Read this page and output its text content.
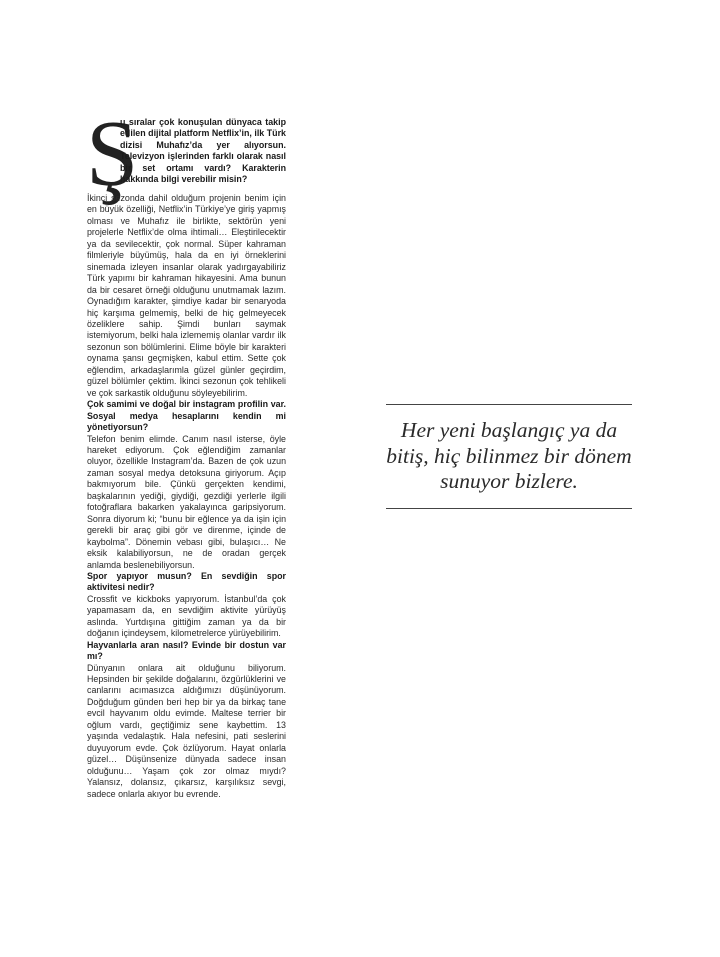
Ş

u sıralar çok konuşulan dünyaca takip edilen dijital platform Netflix’in, ilk Türk dizisi Muhafız’da yer alıyorsun. Televizyon işlerinden farklı olarak nasıl bir set ortamı vardı? Karakterin hakkında bilgi verebilir misin?

İkinci sezonda dahil olduğum projenin benim için en büyük özelliği, Netflix’in Türkiye’ye giriş yapmış olması ve Muhafız ile birlikte, sektörün yeni projelerle Netflix’de olma ihtimali… Eleştirilecektir ya da sevilecektir, çok normal. Süper kahraman filmleriyle büyümüş, hala da en iyi örneklerini sinemada izleyen insanlar olarak yadırgayabiliriz Türk yapımı bir kahraman hikayesini. Ama bunun da bir cesaret örneği olduğunu unutmamak lazım. Oynadığım karakter, şimdiye kadar bir senaryoda hiç karşıma gelmemiş, belki de hiç gelmeyecek özeliklere sahip. Şimdi bunları saymak istemiyorum, belki hala izlememiş olanlar vardır ilk sezonun son bölümlerini. Elime böyle bir karakteri oynama şansı geçmişken, kabul ettim. Sette çok eğlendim, arkadaşlarımla güzel günler geçirdim, güzel bölümler çektim. İkinci sezonun çok tehlikeli ve çok sarkastik olduğunu söyleyebilirim.

Çok samimi ve doğal bir instagram profilin var. Sosyal medya hesaplarını kendin mi yönetiyorsun?

Telefon benim elimde. Canım nasıl isterse, öyle hareket ediyorum. Çok eğlendiğim zamanlar oluyor, özellikle Instagram’da. Bazen de çok uzun zaman sosyal medya detoksuna giriyorum. Açıp bakmıyorum bile. Çünkü gerçekten kendimi, başkalarının yediği, giydiği, gezdiği yerlerle ilgili fotoğraflara bakarken yakalayınca garipsiyorum. Sonra diyorum ki; “bunu bir eğlence ya da işin için gerekli bir araç gibi gör ve direnme, içinde de kaybolma”. Dönemin vebası gibi, bulaşıcı… Ne eksik kalabiliyorsun, ne de oradan gerçek anlamda beslenebiliyorsun.

Spor yapıyor musun? En sevdiğin spor aktivitesi nedir?

Crossfit ve kickboks yapıyorum. İstanbul’da çok yapamasam da, en sevdiğim aktivite yürüyüş aslında. Yurtdışına gittiğim zaman ya da bir doğanın içindeysem, kilometrelerce yürüyebilirim.

Hayvanlarla aran nasıl? Evinde bir dostun var mı?

Dünyanın onlara ait olduğunu biliyorum. Hepsinden bir şekilde doğalarını, özgürlüklerini ve canlarını acımasızca aldığımızı düşünüyorum. Doğduğum günden beri hep bir ya da birkaç tane evcil hayvanım oldu evimde. Maltese terrier bir oğlum vardı, geçtiğimiz sene kaybettim. 13 yaşında vedalaştık. Hala nefesini, pati seslerini duyuyorum evde. Çok özlüyorum. Hayat onlarla güzel… Düşünsenize dünyada sadece insan olduğunu… Yaşam çok zor olmaz mıydı? Yalansız, dolansız, çıkarsız, karşılıksız sevgi, sadece onlarla akıyor bu evrende.

Her yeni başlangıç ya da bitiş, hiç bilinmez bir dönem sunuyor bizlere.
